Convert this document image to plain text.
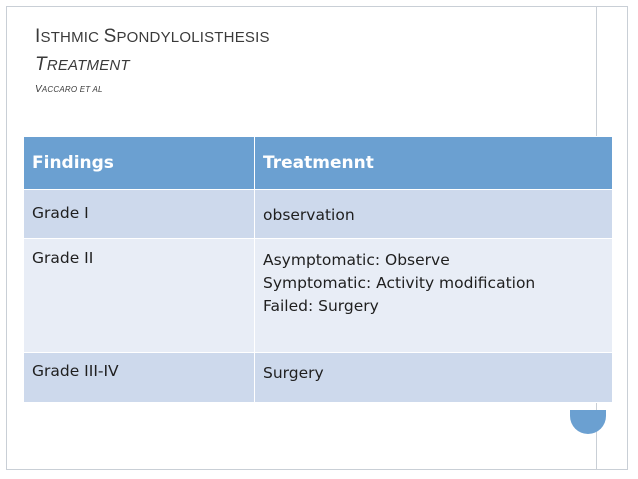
ISTHMIC SPONDYLOLISTHESIS
TREATMENT
VACCARO ET AL
Findings	Treatmennt
Grade I	observation

Grade II	Asymptomatic: Observe
Symptomatic: Activity modification
Failed: Surgery

Grade III-IV	Surgery
